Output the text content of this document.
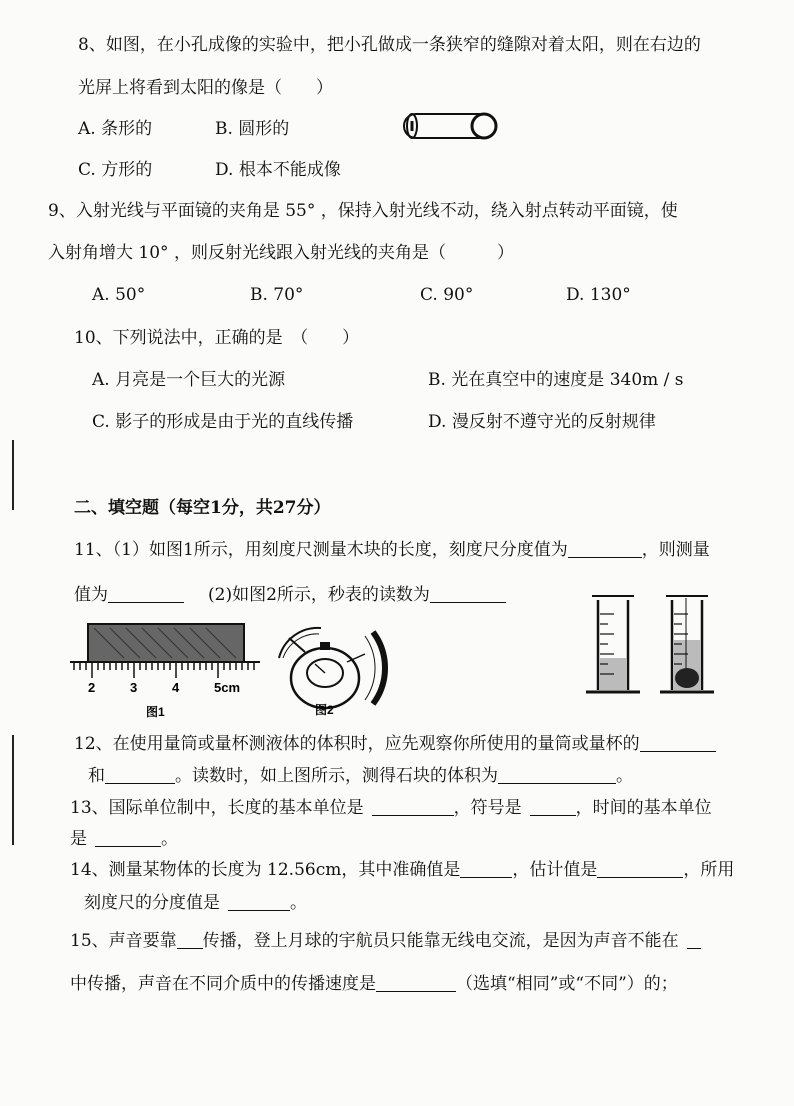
8、如图，在小孔成像的实验中，把小孔做成一条狭窄的缝隙对着太阳，则在右边的
光屏上将看到太阳的像是（　　）
A. 条形的	B. 圆形的
C. 方形的	D. 根本不能成像
9、入射光线与平面镜的夹角是 55° ，保持入射光线不动，绕入射点转动平面镜，使
入射角增大 10° ，则反射光线跟入射光线的夹角是（　　　）
A. 50°	B. 70°	C. 90°	D. 130°
10、下列说法中，正确的是　（　　）
A. 月亮是一个巨大的光源	B. 光在真空中的速度是 340m / s
C. 影子的形成是由于光的直线传播	D. 漫反射不遵守光的反射规律
二、填空题（每空1分，共27分）
11、（1）如图1所示，用刻度尺测量木块的长度，刻度尺分度值为	，则测量
值为	(2)如图2所示，秒表的读数为
2	3	4	5cm
图1	图2
12、在使用量筒或量杯测液体的体积时，应先观察你所使用的量筒或量杯的
和	。读数时，如上图所示，测得石块的体积为	。
13、国际单位制中，长度的基本单位是	，符号是	，时间的基本单位
是	。
14、测量某物体的长度为 12.56cm，其中准确值是	，估计值是	，所用
刻度尺的分度值是	。
15、声音要靠 传播，登上月球的宇航员只能靠无线电交流，是因为声音不能在
中传播，声音在不同介质中的传播速度是	（选填“相同”或“不同”）的；
